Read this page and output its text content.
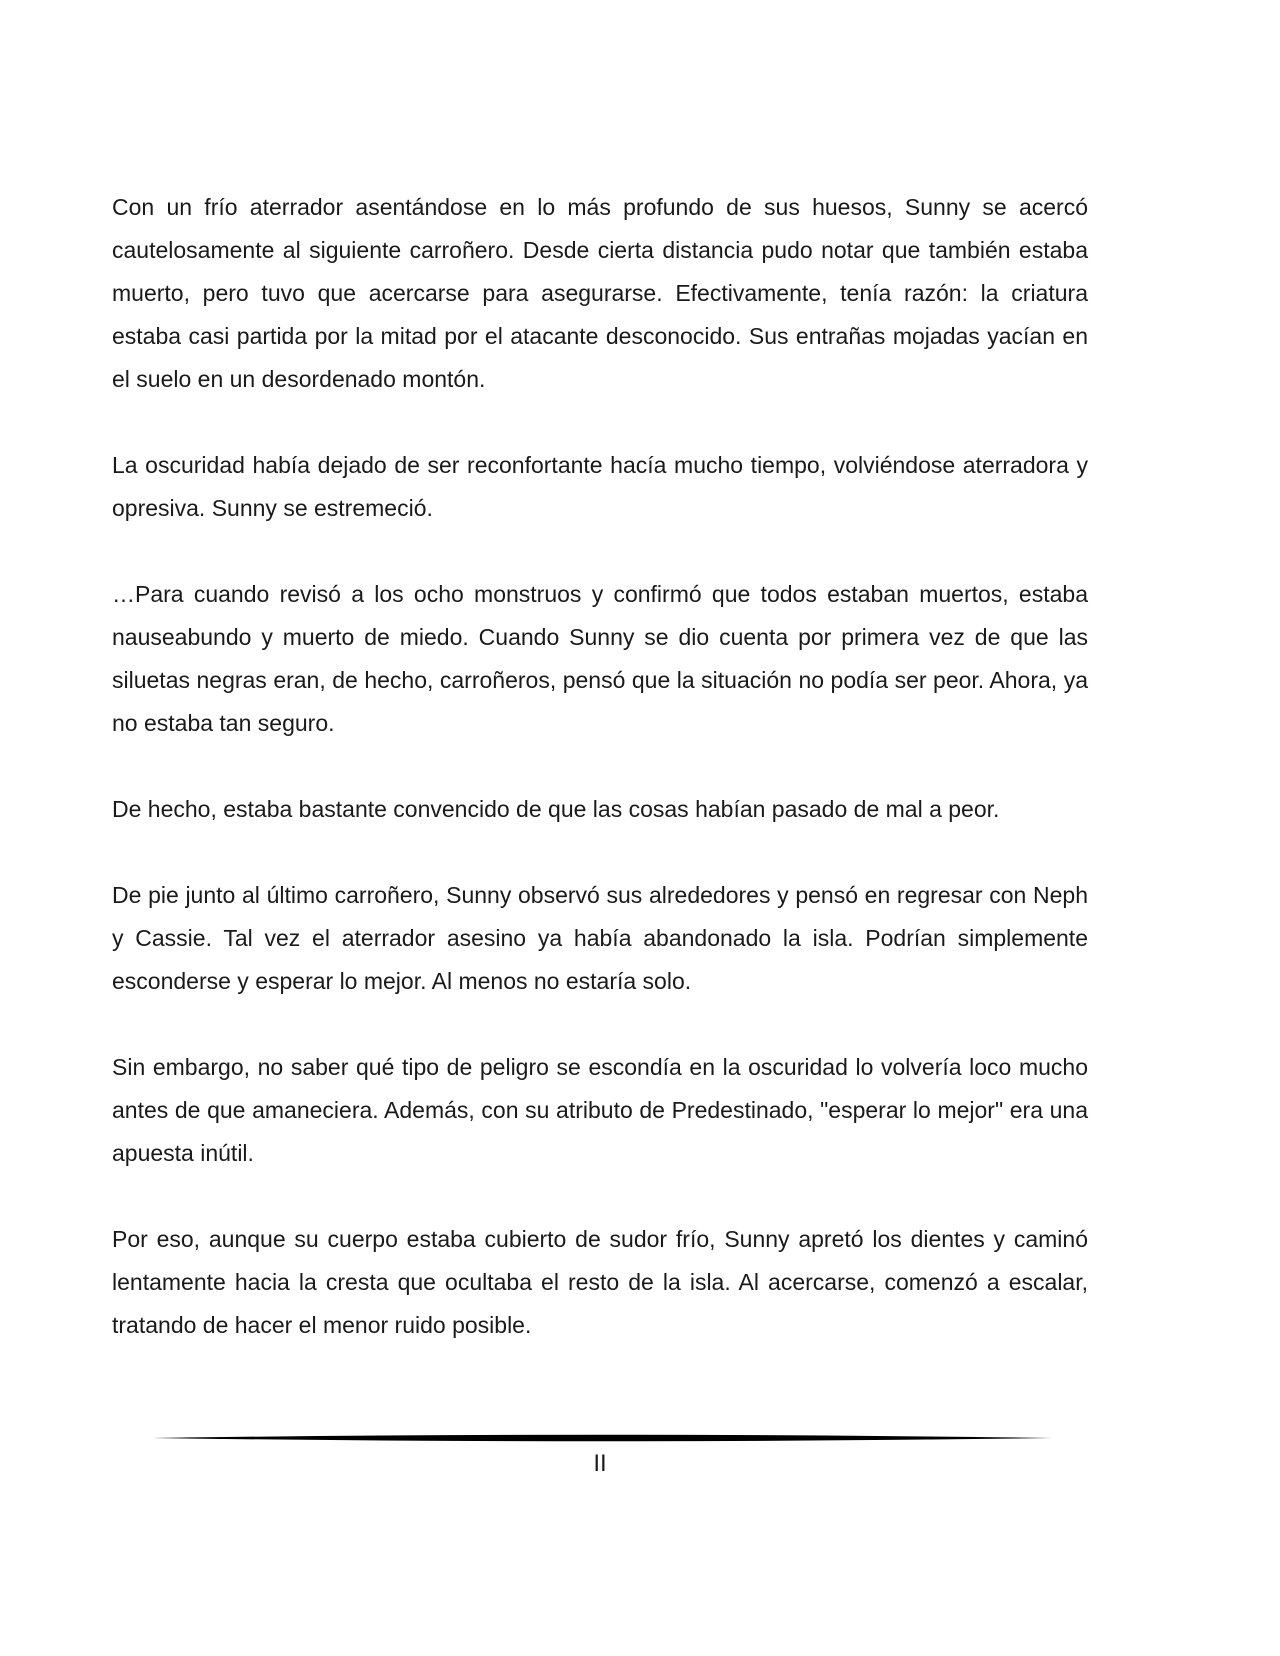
Con un frío aterrador asentándose en lo más profundo de sus huesos, Sunny se acercó cautelosamente al siguiente carroñero. Desde cierta distancia pudo notar que también estaba muerto, pero tuvo que acercarse para asegurarse. Efectivamente, tenía razón: la criatura estaba casi partida por la mitad por el atacante desconocido. Sus entrañas mojadas yacían en el suelo en un desordenado montón.

La oscuridad había dejado de ser reconfortante hacía mucho tiempo, volviéndose aterradora y opresiva. Sunny se estremeció.

…Para cuando revisó a los ocho monstruos y confirmó que todos estaban muertos, estaba nauseabundo y muerto de miedo. Cuando Sunny se dio cuenta por primera vez de que las siluetas negras eran, de hecho, carroñeros, pensó que la situación no podía ser peor. Ahora, ya no estaba tan seguro.

De hecho, estaba bastante convencido de que las cosas habían pasado de mal a peor.

De pie junto al último carroñero, Sunny observó sus alrededores y pensó en regresar con Neph y Cassie. Tal vez el aterrador asesino ya había abandonado la isla. Podrían simplemente esconderse y esperar lo mejor. Al menos no estaría solo.

Sin embargo, no saber qué tipo de peligro se escondía en la oscuridad lo volvería loco mucho antes de que amaneciera. Además, con su atributo de Predestinado, "esperar lo mejor" era una apuesta inútil.

Por eso, aunque su cuerpo estaba cubierto de sudor frío, Sunny apretó los dientes y caminó lentamente hacia la cresta que ocultaba el resto de la isla. Al acercarse, comenzó a escalar, tratando de hacer el menor ruido posible.

II
